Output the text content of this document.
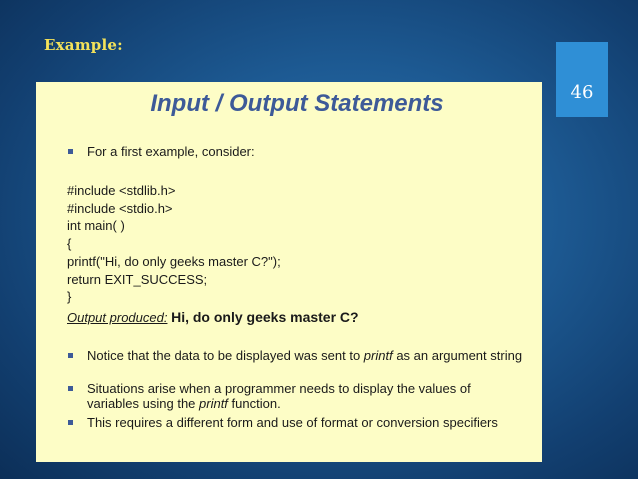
Example:
46
Input / Output Statements
For a first example, consider:
#include <stdlib.h>
#include <stdio.h>
int main( )
{
printf("Hi, do only geeks master C?");
return EXIT_SUCCESS;
}
Output produced: Hi, do only geeks master C?
Notice that the data to be displayed was sent to printf as an argument string
Situations arise when a programmer needs to display the values of variables using the printf function.
This requires a different form and use of format or conversion specifiers
